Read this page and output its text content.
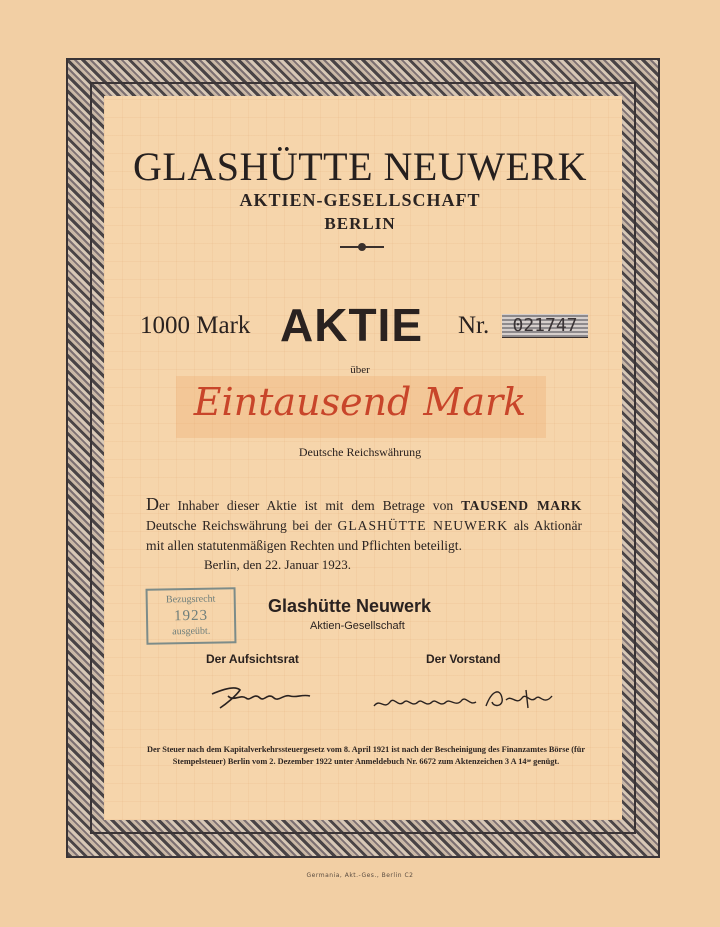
GLASHÜTTE NEUWERK
AKTIEN-GESELLSCHAFT
BERLIN
1000 Mark AKTIE Nr.	021747
über
Eintausend Mark
Deutsche Reichswährung
Der Inhaber dieser Aktie ist mit dem Betrage von TAUSEND MARK Deutsche Reichswährung bei der GLASHÜTTE NEUWERK als Aktionär mit allen statutenmäßigen Rechten und Pflichten beteiligt.
Berlin, den 22. Januar 1923.
Bezugsrecht
1923
ausgeübt.
Glashütte Neuwerk
Aktien-Gesellschaft
Der Aufsichtsrat	Der Vorstand
Der Steuer nach dem Kapitalverkehrssteuergesetz vom 8. April 1921 ist nach der Bescheinigung des Finanzamtes Börse (für Stempelsteuer) Berlin vom 2. Dezember 1922 unter Anmeldebuch Nr. 6672 zum Aktenzeichen 3 A 14ᵒᵉ genügt.
Germania, Akt.-Ges., Berlin C2
